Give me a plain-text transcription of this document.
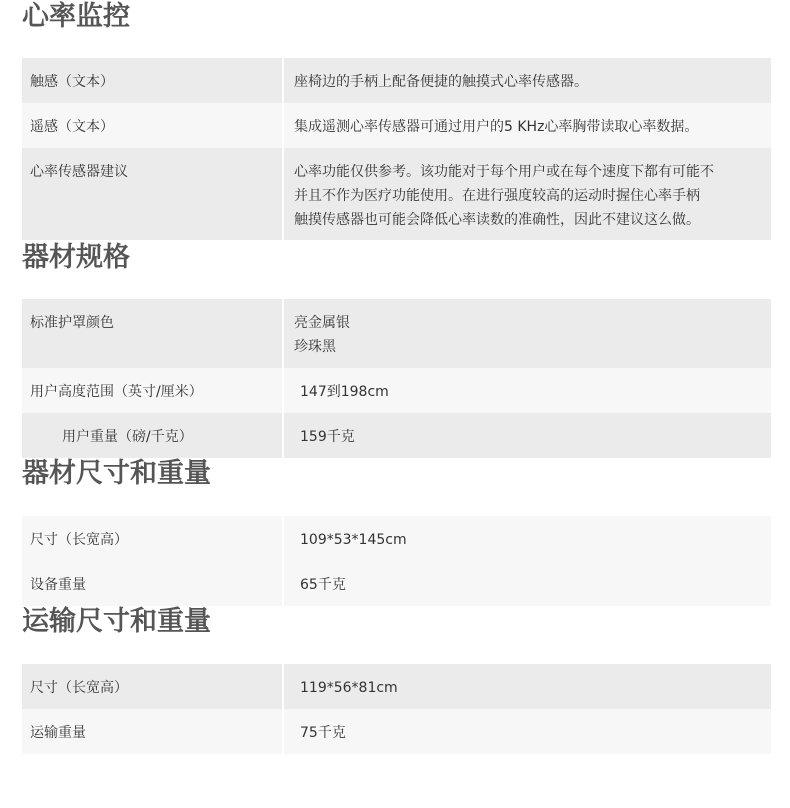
心率监控
触感（文本）	座椅边的手柄上配备便捷的触摸式心率传感器。
遥感（文本）	集成遥测心率传感器可通过用户的5 KHz心率胸带读取心率数据。
心率传感器建议	心率功能仅供参考。该功能对于每个用户或在每个速度下都有可能不
并且不作为医疗功能使用。在进行强度较高的运动时握住心率手柄
触摸传感器也可能会降低心率读数的准确性，因此不建议这么做。
器材规格
标准护罩颜色	亮金属银
珍珠黑
用户高度范围（英寸/厘米）	147到198cm
用户重量（磅/千克）	159千克
器材尺寸和重量
尺寸（长宽高）	109*53*145cm
设备重量	65千克
运输尺寸和重量
尺寸（长宽高）	119*56*81cm
运输重量	75千克
